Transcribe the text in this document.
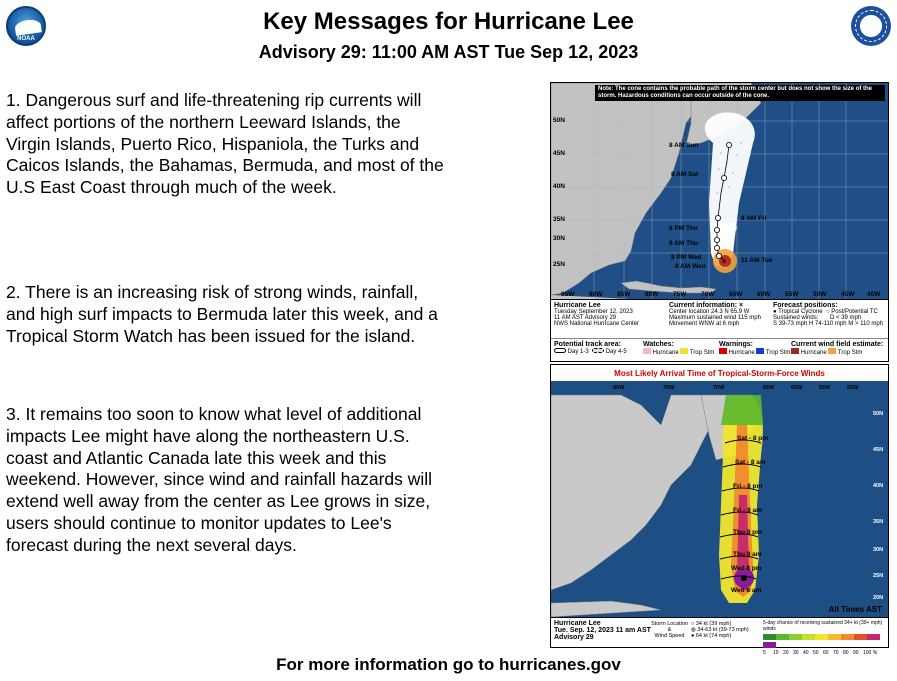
NOAA
Key Messages for Hurricane Lee
Advisory 29: 11:00 AM AST Tue Sep 12, 2023
1. Dangerous surf and life-threatening rip currents will affect portions of the northern Leeward Islands, the Virgin Islands, Puerto Rico, Hispaniola, the Turks and Caicos Islands, the Bahamas, Bermuda, and most of the U.S East Coast through much of the week.
2. There is an increasing risk of strong winds, rainfall, and high surf impacts to Bermuda later this week, and a Tropical Storm Watch has been issued for the island.
3. It remains too soon to know what level of additional impacts Lee might have along the northeastern U.S. coast and Atlantic Canada late this week and this weekend. However, since wind and rainfall hazards will extend well away from the center as Lee grows in size, users should continue to monitor updates to Lee's forecast during the next several days.
×
Note: The cone contains the probable path of the storm center but does not show the size of the storm. Hazardous conditions can occur outside of the cone.
8 AM Sun
8 AM Sat
8 AM Fri
8 PM Thu
8 AM Thu
8 PM Wed	11 AM Tue
8 AM Wed
50N
45N
40N
35N
30N
25N
95W 90W 85W 80W 75W 70W 65W 60W 55W 50W 45W 40W
Hurricane Lee
Tuesday September 12, 2023
11 AM AST Advisory 29
NWS National Hurricane Center
Current information: ×
Center location 24.3 N 65.9 W
Maximum sustained wind 115 mph
Movement WNW at 6 mph
Forecast positions:
● Tropical Cyclone ○ Post/Potential TC
Sustained winds: D < 39 mph
S 39-73 mph H 74-110 mph M > 110 mph
Potential track area:
Day 1-3	Day 4-5
Watches:
Hurricane Trop Stm
Warnings:
Hurricane Trop Stm
Current wind field estimate:
Hurricane Trop Stm
Most Likely Arrival Time of Tropical-Storm-Force Winds
Sat - 8 pm
Sat - 8 am
Fri - 8 pm
Fri - 8 am
Thu 8 pm
Thu 8 am
Wed 8 pm
Wed 8 am
80W	75W	70W	65W	60W	55W	50W
50N
45N
40N
35N
30N
25N
20N
All Times AST
Hurricane Lee
Tue. Sep. 12, 2023 11 am AST
Advisory 29
Storm Location
&
Wind Speed
○ 34 kt (39 mph)
◍ 34-63 kt (39-73 mph)
● 64 kt (74 mph)
5-day chance of receiving sustained 34+ kt (39+ mph) winds
5 10 20 30 40 50 60 70 80 90 100 %
For more information go to hurricanes.gov
